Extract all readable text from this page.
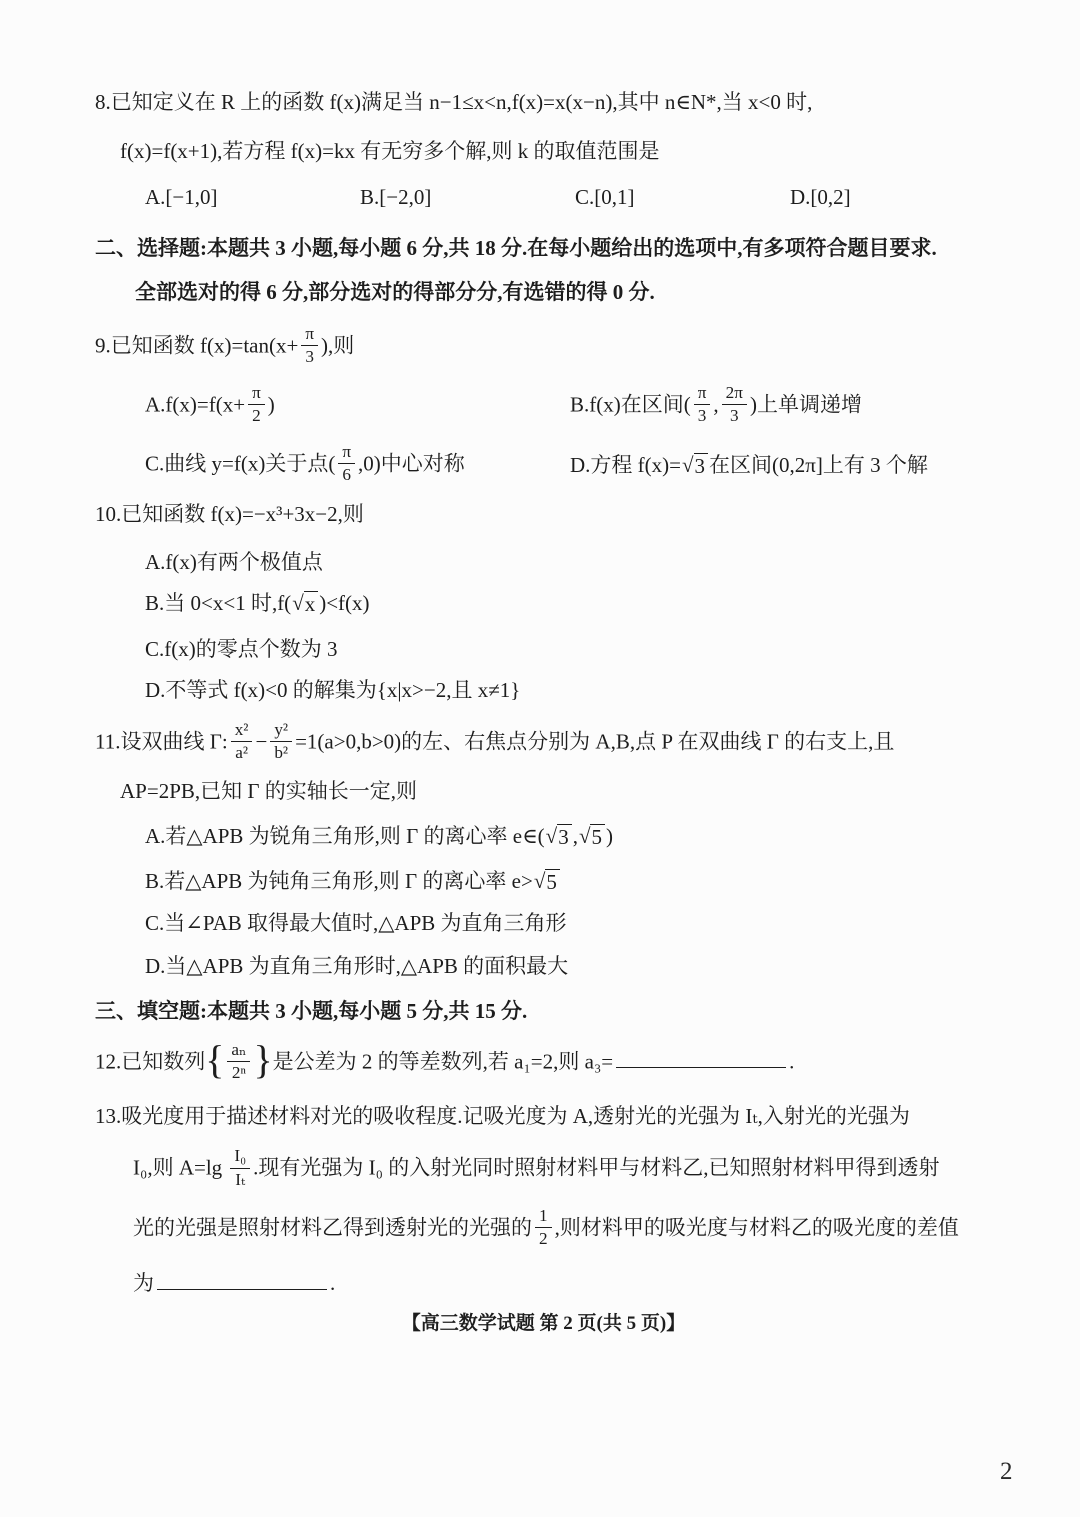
8.已知定义在 R 上的函数 f(x)满足当 n−1≤x<n,f(x)=x(x−n),其中 n∈N*,当 x<0 时,
f(x)=f(x+1),若方程 f(x)=kx 有无穷多个解,则 k 的取值范围是
A.[−1,0]	B.[−2,0]	C.[0,1]	D.[0,2]
二、选择题:本题共 3 小题,每小题 6 分,共 18 分.在每小题给出的选项中,有多项符合题目要求.
全部选对的得 6 分,部分选对的得部分分,有选错的得 0 分.
9.已知函数 $f(x)=\tan(x+ \frac{\pi}{3}$ ),则
$A.f(x)=f(x+ \frac{\pi}{2}$ )	B.f(x)在区间( $\frac{\pi}{3}$ , $\frac{2\pi}{3}$ )上单调递增
C.曲线 y=f(x)关于点( $\frac{\pi}{6} ,0$)中心对称	D.方程 f(x)= √ 3 在区间(0,2π]上有 3 个解
10.已知函数 f(x)=−x³+3x−2,则
A.f(x)有两个极值点
B.当 0<x<1 时,f( √ x )<f(x)
C.f(x)的零点个数为 3
D.不等式 f(x)<0 的解集为{x|x>−2,且 x≠1}
11.设双曲线 Γ: $\frac{\text{x²}}{\text{a²}} - \frac{\text{y²}}{\text{b²}} =1(a>0,b>0)$的左、右焦点分别为 A,B,点 P 在双曲线 Γ 的右支上,且
AP=2PB,已知 Γ 的实轴长一定,则
A.若△APB 为锐角三角形,则 Γ 的离心率 e∈( √ 3 , √ 5 )
B.若△APB 为钝角三角形,则 Γ 的离心率 e> √ 5
C.当∠PAB 取得最大值时,△APB 为直角三角形
D.当△APB 为直角三角形时,△APB 的面积最大
三、填空题:本题共 3 小题,每小题 5 分,共 15 分.
12.已知数列{ $\frac{\text{aₙ}}{\text{2ⁿ}}$ }是公差为 2 的等差数列,若 a₁=2,则 a₃=	.
13.吸光度用于描述材料对光的吸收程度.记吸光度为 A,透射光的光强为 Iₜ,入射光的光强为
I₀,则 $A=\lg \frac{\text{I₀}}{\text{Iₜ}}$ .现有光强为 I₀ 的入射光同时照射材料甲与材料乙,已知照射材料甲得到透射
光的光强是照射材料乙得到透射光的光强的 $\frac{1}{2}$ ,则材料甲的吸光度与材料乙的吸光度的差值
为	.
【高三数学试题 第 2 页(共 5 页)】
2
